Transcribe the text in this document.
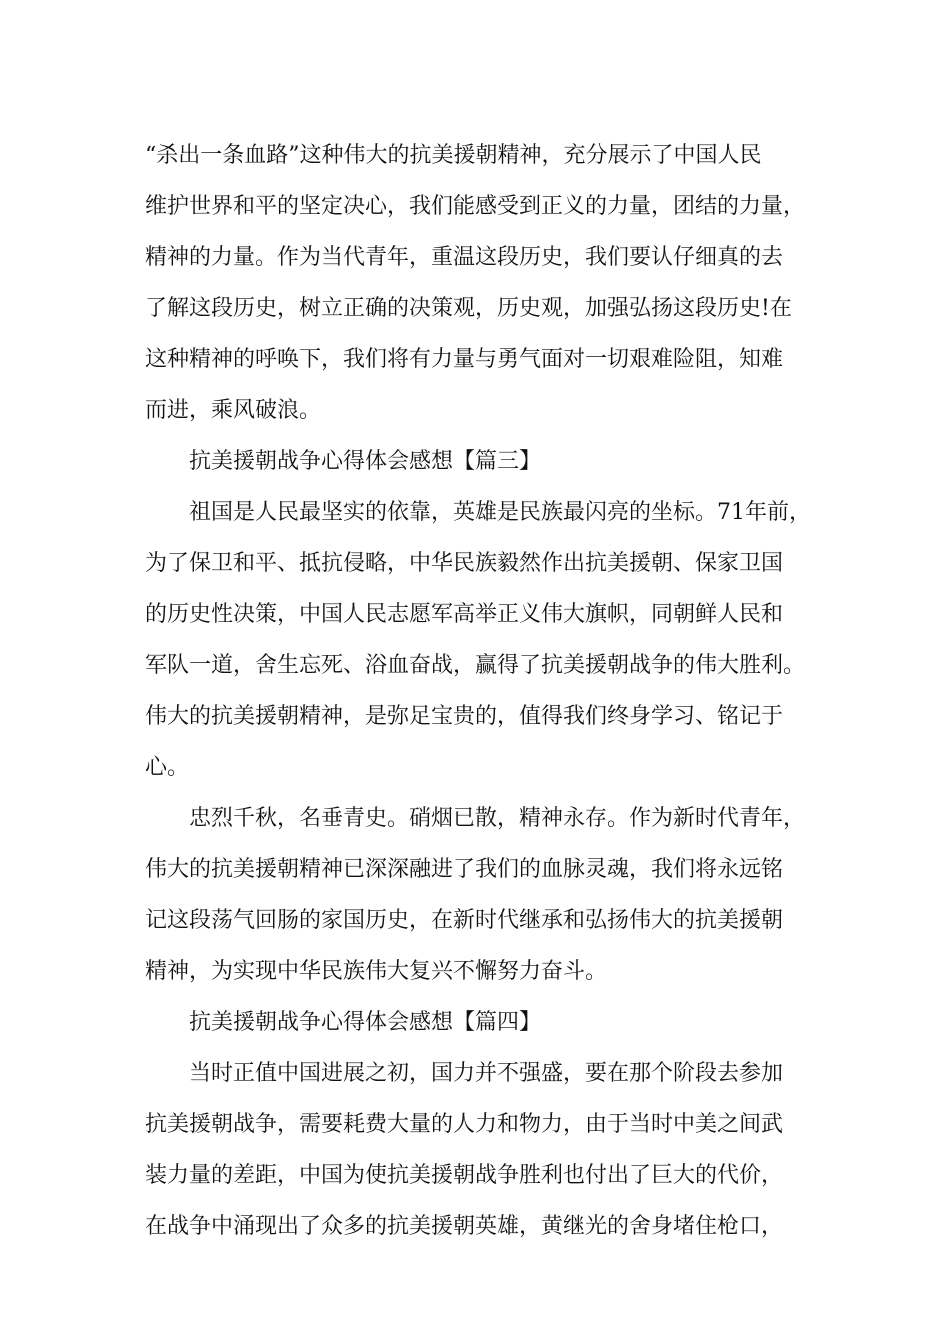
“杀出一条血路”这种伟大的抗美援朝精神，充分展示了中国人民
维护世界和平的坚定决心，我们能感受到正义的力量，团结的力量，
精神的力量。作为当代青年，重温这段历史，我们要认仔细真的去
了解这段历史，树立正确的决策观，历史观，加强弘扬这段历史!在
这种精神的呼唤下，我们将有力量与勇气面对一切艰难险阻，知难
而进，乘风破浪。
抗美援朝战争心得体会感想【篇三】
祖国是人民最坚实的依靠，英雄是民族最闪亮的坐标。71年前，
为了保卫和平、抵抗侵略，中华民族毅然作出抗美援朝、保家卫国
的历史性决策，中国人民志愿军高举正义伟大旗帜，同朝鲜人民和
军队一道，舍生忘死、浴血奋战，赢得了抗美援朝战争的伟大胜利。
伟大的抗美援朝精神，是弥足宝贵的，值得我们终身学习、铭记于
心。
忠烈千秋，名垂青史。硝烟已散，精神永存。作为新时代青年，
伟大的抗美援朝精神已深深融进了我们的血脉灵魂，我们将永远铭
记这段荡气回肠的家国历史，在新时代继承和弘扬伟大的抗美援朝
精神，为实现中华民族伟大复兴不懈努力奋斗。
抗美援朝战争心得体会感想【篇四】
当时正值中国进展之初，国力并不强盛，要在那个阶段去参加
抗美援朝战争，需要耗费大量的人力和物力，由于当时中美之间武
装力量的差距，中国为使抗美援朝战争胜利也付出了巨大的代价，
在战争中涌现出了众多的抗美援朝英雄，黄继光的舍身堵住枪口，
